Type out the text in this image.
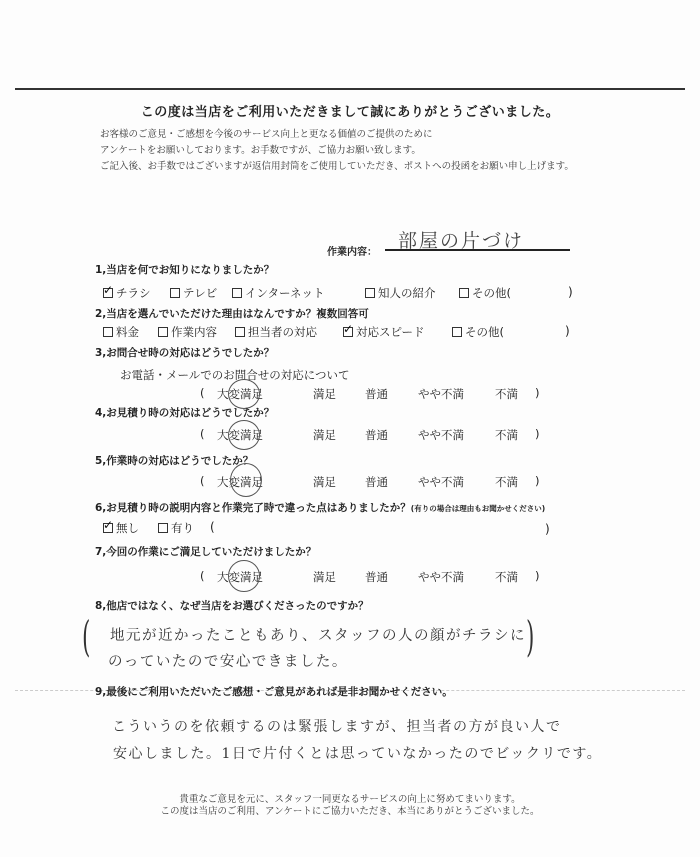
この度は当店をご利用いただきまして誠にありがとうございました。
お客様のご意見・ご感想を今後のサービス向上と更なる価値のご提供のために
アンケートをお願いしております。お手数ですが、ご協力お願い致します。
ご記入後、お手数ではございますが返信用封筒をご使用していただき、ポストへの投函をお願い申し上げます。
作業内容：
部屋の片づけ
1,当店を何でお知りになりましたか？
✓
チラシ	テレビ インターネット	知人の紹介	その他(	)
2,当店を選んでいただけた理由はなんですか？複数回答可
料金	作業内容	担当者の対応 ✓	対応スピード	その他(	)
3,お問合せ時の対応はどうでしたか？
お電話・メールでのお問合せの対応について
( 大変満足	満足	普通	やや不満	不満 )
4,お見積り時の対応はどうでしたか？
( 大変満足	満足	普通	やや不満	不満 )
5,作業時の対応はどうでしたか？
( 大変満足	満足	普通	やや不満	不満 )
6,お見積り時の説明内容と作業完了時で違った点はありましたか？(有りの場合は理由もお聞かせください)
✓
無し	有り (	)
7,今回の作業にご満足していただけましたか？
( 大変満足	満足	普通	やや不満	不満 )
8,他店ではなく、なぜ当店をお選びくださったのですか？
(	)
地元が近かったこともあり、スタッフの人の顔がチラシに
のっていたので安心できました。
9,最後にご利用いただいたご感想・ご意見があれば是非お聞かせください。
こういうのを依頼するのは緊張しますが、担当者の方が良い人で
安心しました。1日で片付くとは思っていなかったのでビックリです。
貴重なご意見を元に、スタッフ一同更なるサービスの向上に努めてまいります。
この度は当店のご利用、アンケートにご協力いただき、本当にありがとうございました。
